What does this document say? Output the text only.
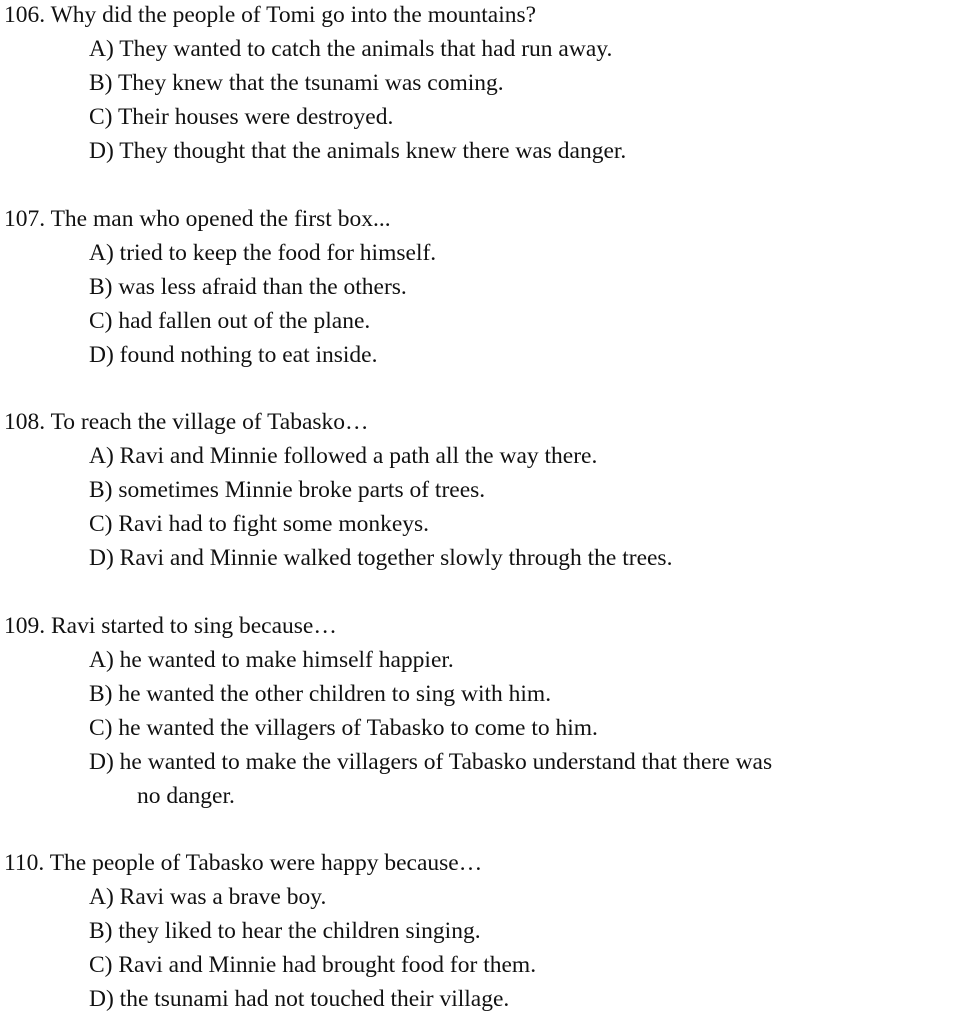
106. Why did the people of Tomi go into the mountains?
A) They wanted to catch the animals that had run away.
B) They knew that the tsunami was coming.
C) Their houses were destroyed.
D) They thought that the animals knew there was danger.
107. The man who opened the first box...
A) tried to keep the food for himself.
B) was less afraid than the others.
C) had fallen out of the plane.
D) found nothing to eat inside.
108. To reach the village of Tabasko…
A) Ravi and Minnie followed a path all the way there.
B) sometimes Minnie broke parts of trees.
C) Ravi had to fight some monkeys.
D) Ravi and Minnie walked together slowly through the trees.
109. Ravi started to sing because…
A) he wanted to make himself happier.
B) he wanted the other children to sing with him.
C) he wanted the villagers of Tabasko to come to him.
D) he wanted to make the villagers of Tabasko understand that there was
no danger.
110. The people of Tabasko were happy because…
A) Ravi was a brave boy.
B) they liked to hear the children singing.
C) Ravi and Minnie had brought food for them.
D) the tsunami had not touched their village.
